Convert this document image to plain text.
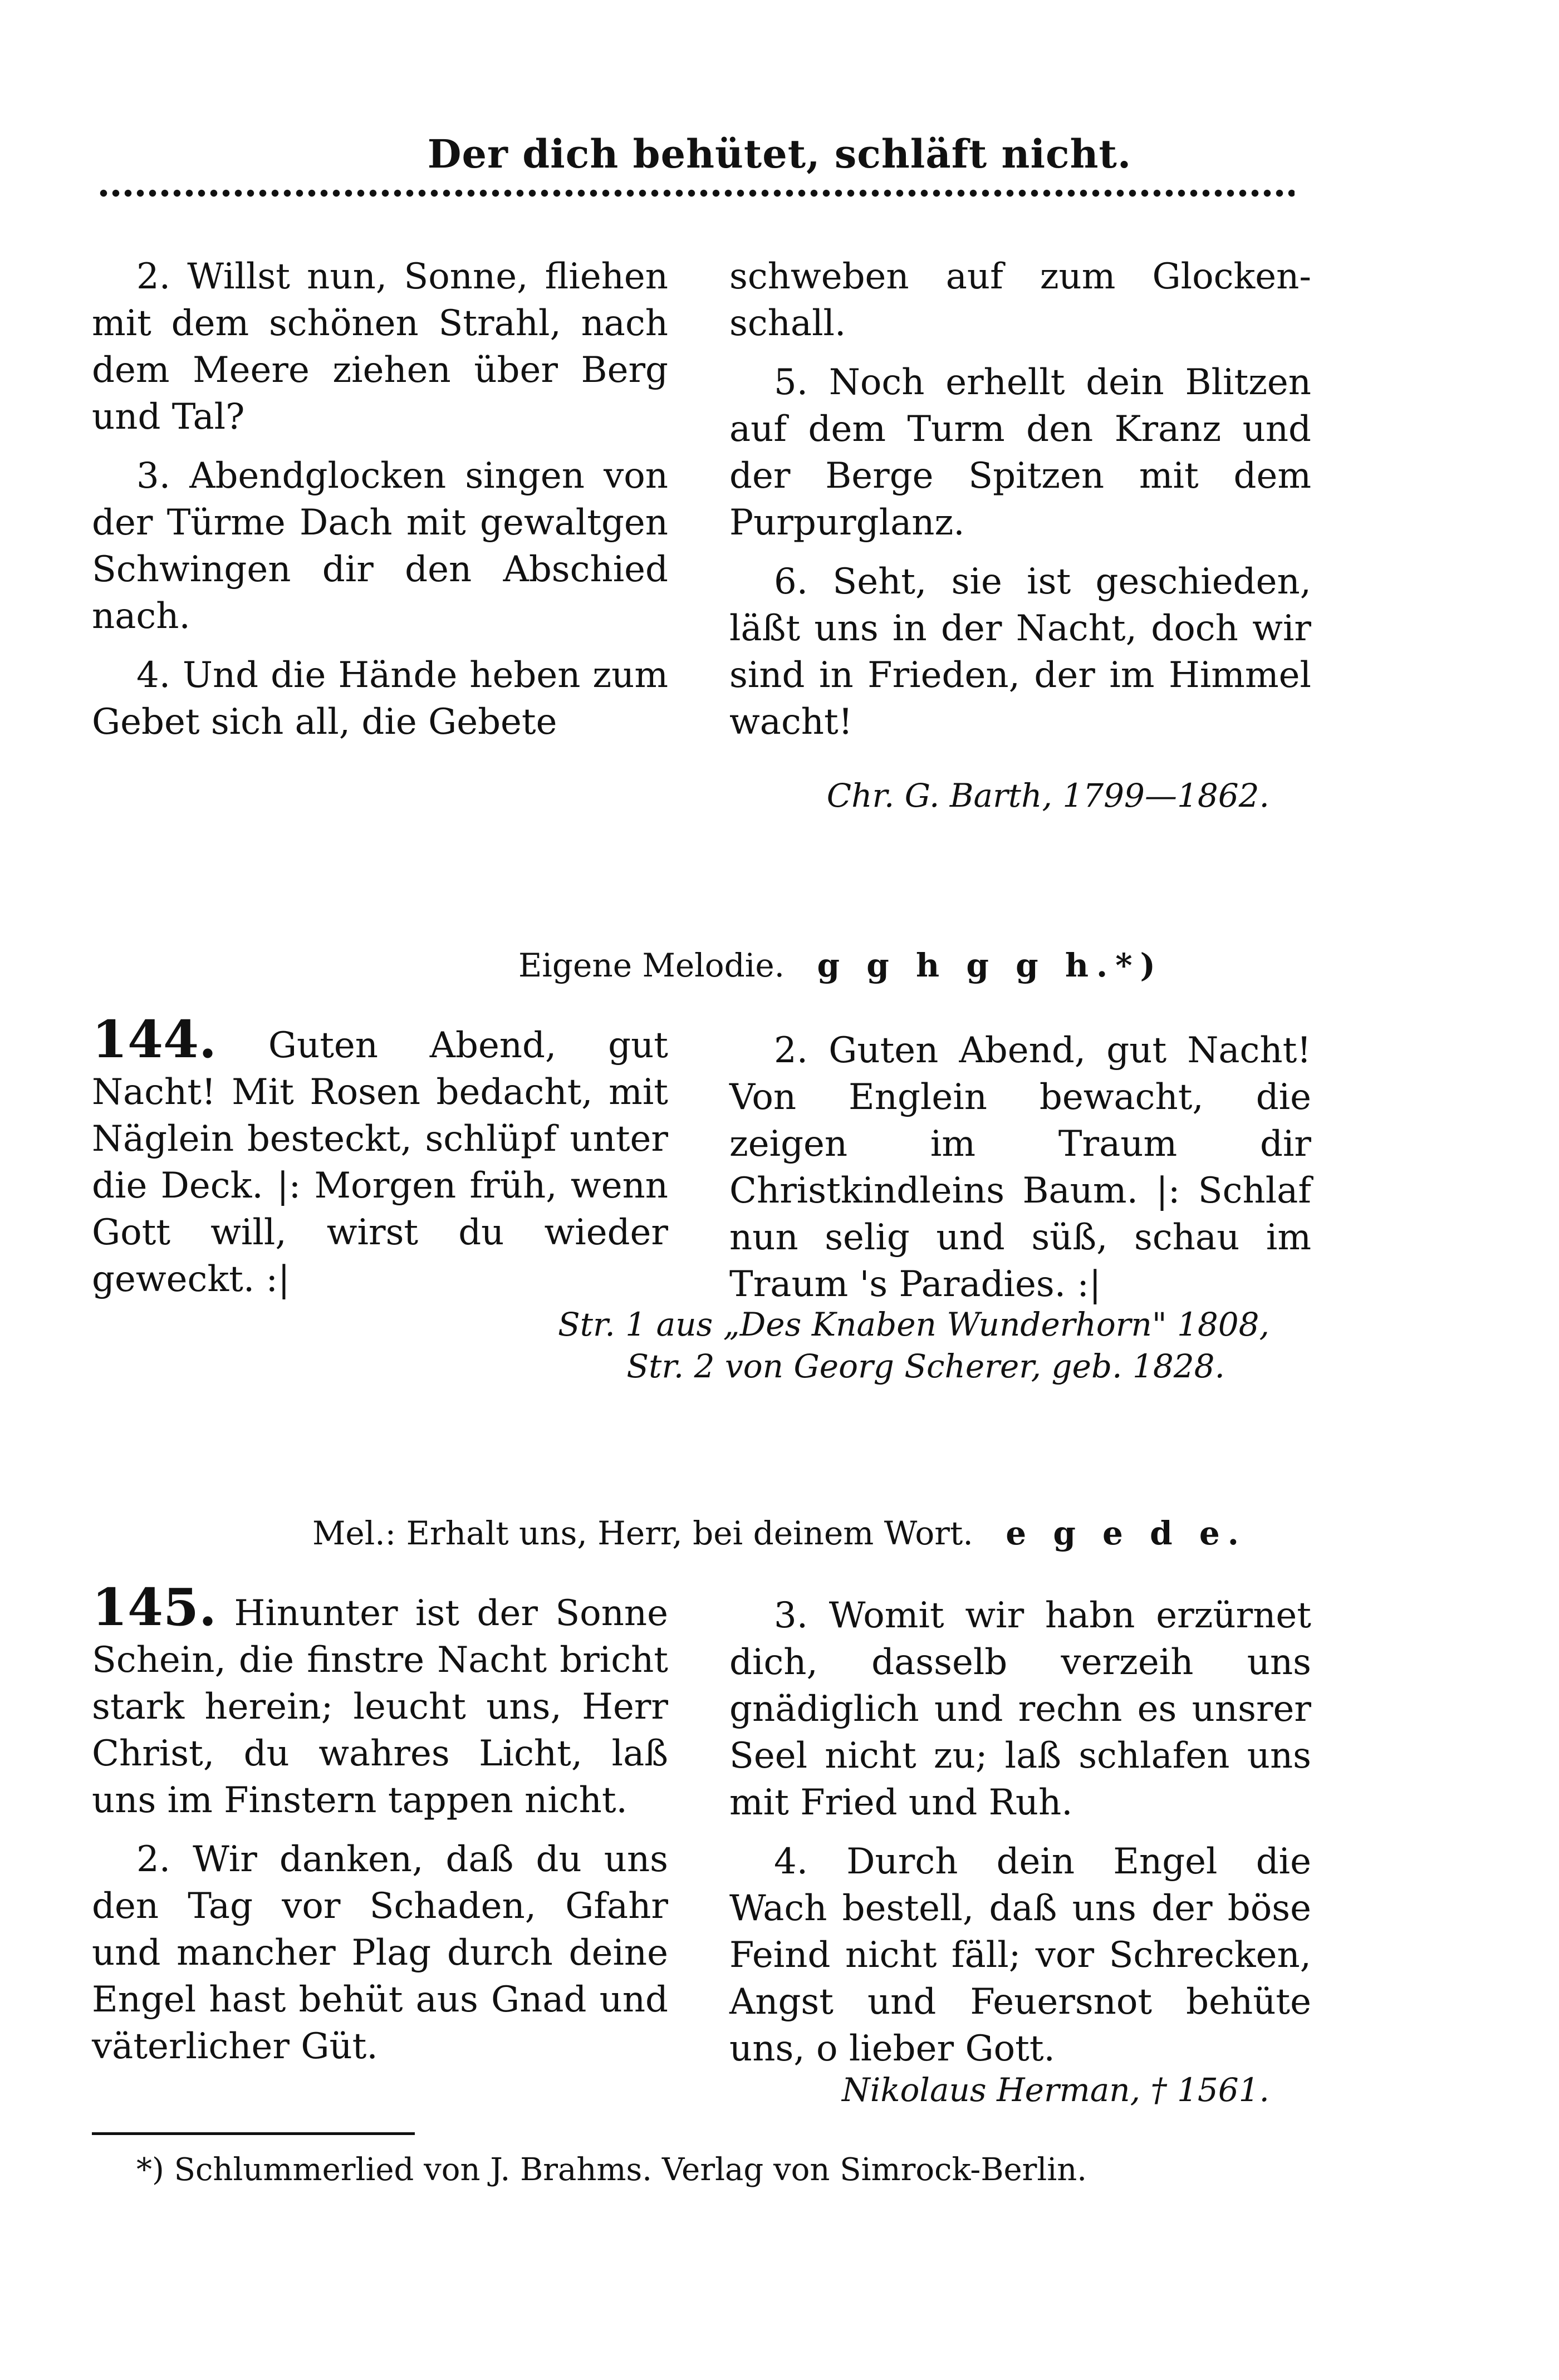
Der dich behütet, schläft nicht.

2. Willst nun, Sonne, fliehen mit dem schönen Strahl, nach dem Meere ziehen über Berg und Tal?

3. Abendglocken singen von der Türme Dach mit gewaltgen Schwingen dir den Abschied nach.

4. Und die Hände heben zum Gebet sich all, die Gebete

schweben auf zum Glocken-schall.

5. Noch erhellt dein Blitzen auf dem Turm den Kranz und der Berge Spitzen mit dem Purpurglanz.

6. Seht, sie ist geschieden, läßt uns in der Nacht, doch wir sind in Frieden, der im Himmel wacht!

Chr. G. Barth, 1799—1862.
Eigene Melodie. g g h g g h.*)

144. Guten Abend, gut Nacht! Mit Rosen bedacht, mit Näglein besteckt, schlüpf unter die Deck. |: Morgen früh, wenn Gott will, wirst du wieder geweckt. :|

2. Guten Abend, gut Nacht! Von Englein bewacht, die zeigen im Traum dir Christkindleins Baum. |: Schlaf nun selig und süß, schau im Traum 's Paradies. :|

Str. 1 aus „Des Knaben Wunderhorn" 1808,
Str. 2 von Georg Scherer, geb. 1828.
Mel.: Erhalt uns, Herr, bei deinem Wort. e g e d e.

145. Hinunter ist der Sonne Schein, die finstre Nacht bricht stark herein; leucht uns, Herr Christ, du wahres Licht, laß uns im Finstern tappen nicht.

2. Wir danken, daß du uns den Tag vor Schaden, Gfahr und mancher Plag durch deine Engel hast behüt aus Gnad und väterlicher Güt.

3. Womit wir habn erzürnet dich, dasselb verzeih uns gnädiglich und rechn es unsrer Seel nicht zu; laß schlafen uns mit Fried und Ruh.

4. Durch dein Engel die Wach bestell, daß uns der böse Feind nicht fäll; vor Schrecken, Angst und Feuersnot behüte uns, o lieber Gott.

Nikolaus Herman, † 1561.
*) Schlummerlied von J. Brahms. Verlag von Simrock-Berlin.
